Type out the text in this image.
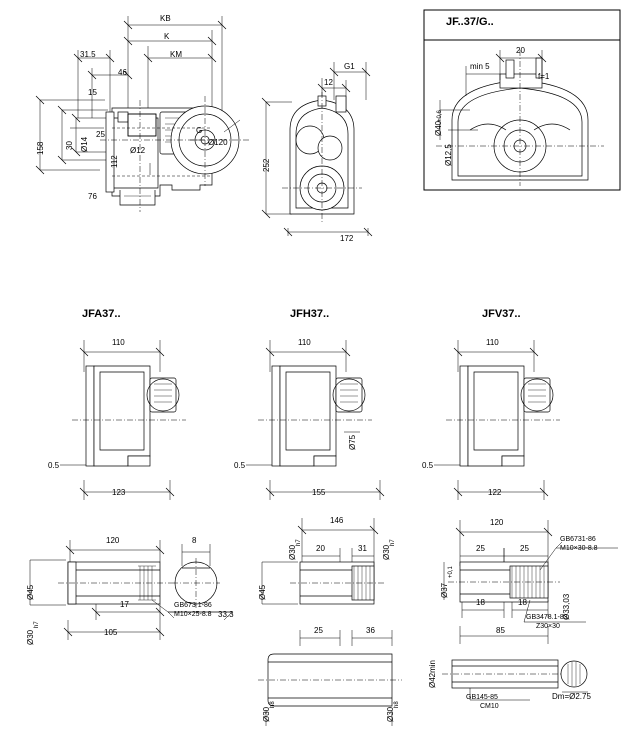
KB
K
KM
31.5
46
15
25
30 Ø14
112
158
76
G
Ø120
Ø12
G1
12
252
172
JF..37/G..
20
min 5
f=1
Ø40
Ø12,5
+0,6
JFA37..	JFH37..	JFV37..
110
0.5
123
110
0.5
155
Ø75
110
0.5
122
120	8
Ø45
Ø30
h7
17
105
33.3
GB673 1-86
M10×25-8.8
146
20	31
Ø30
h7
Ø45
Ø30
h7
25	36
Ø30
h8
Ø30
h8
120
25	25
Ø37
+0,1
Ø33,03
18	18
85
Ø42min
Dm=Ø2.75
GB6731-86
M10×30-8.8
GB3478.1-83
Z30×30
GB145-85
CM10
